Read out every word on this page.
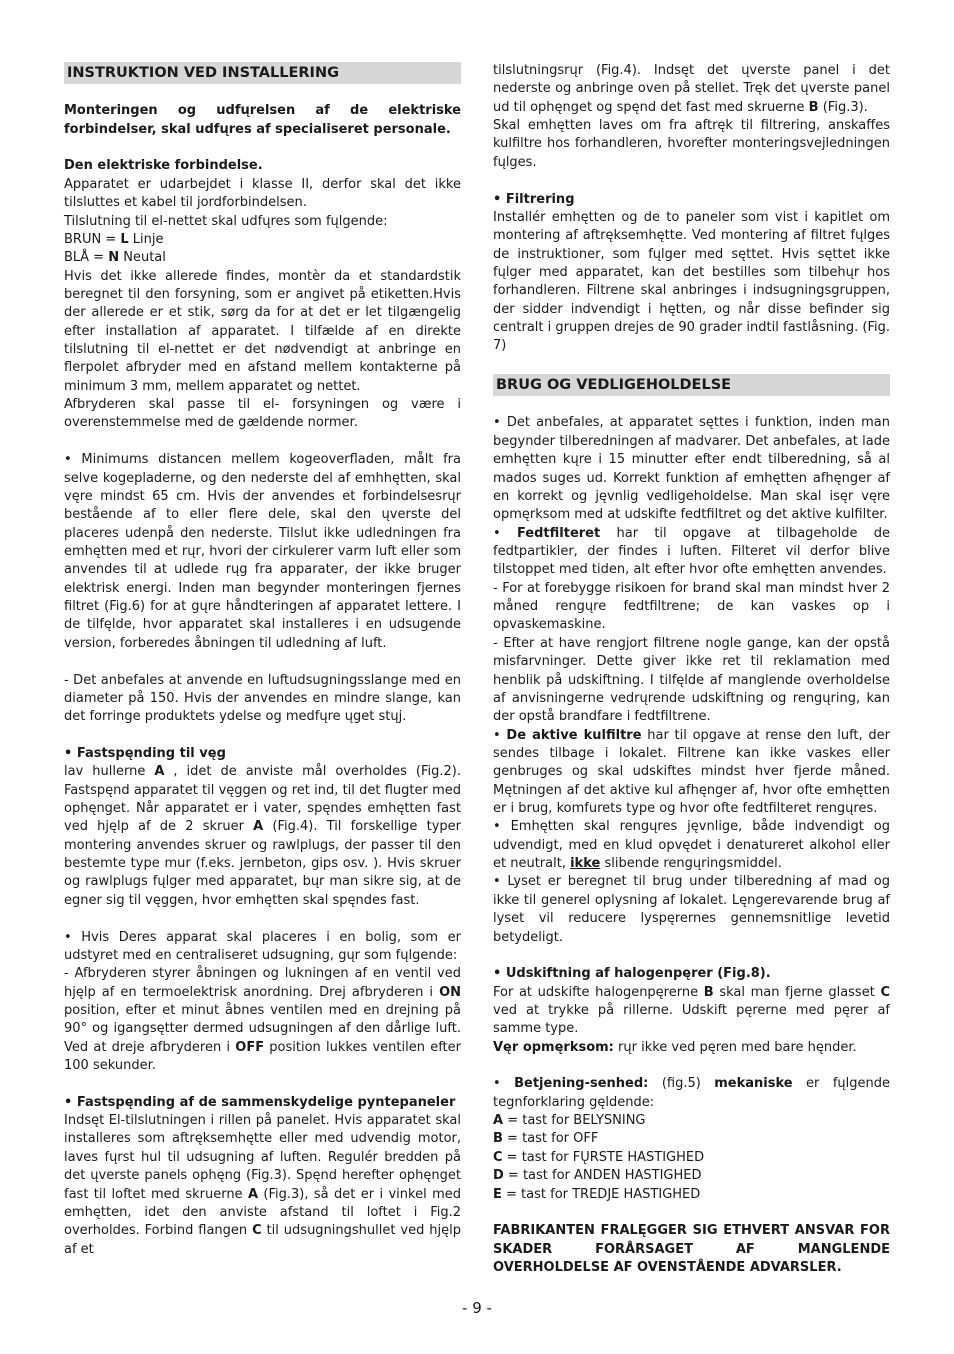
INSTRUKTION VED INSTALLERING

Monteringen og udfųrelsen af de elektriske forbindelser, skal udfųres af specialiseret personale.

Den elektriske forbindelse.

Apparatet er udarbejdet i klasse II, derfor skal det ikke tilsluttes et kabel til jordforbindelsen.

Tilslutning til el-nettet skal udfųres som fųlgende:

BRUN = L Linje

BLÅ = N Neutal

Hvis det ikke allerede findes, montèr da et standardstik beregnet til den forsyning, som er angivet på etiketten.Hvis der allerede er et stik, sørg da for at det er let tilgængelig efter installation af apparatet. I tilfælde af en direkte tilslutning til el-nettet er det nødvendigt at anbringe en flerpolet afbryder med en afstand mellem kontakterne på minimum 3 mm, mellem apparatet og nettet.

Afbryderen skal passe til el- forsyningen og være i overenstemmelse med de gældende normer.

• Minimums distancen mellem kogeoverfladen, målt fra selve kogepladerne, og den nederste del af emhhętten, skal vęre mindst 65 cm. Hvis der anvendes et forbindelsesrųr bestående af to eller flere dele, skal den ųverste del placeres udenpå den nederste. Tilslut ikke udledningen fra emhętten med et rųr, hvori der cirkulerer varm luft eller som anvendes til at udlede rųg fra apparater, der ikke bruger elektrisk energi. Inden man begynder monteringen fjernes filtret (Fig.6) for at gųre håndteringen af apparatet lettere. I de tilfęlde, hvor apparatet skal installeres i en udsugende version, forberedes åbningen til udledning af luft.

- Det anbefales at anvende en luftudsugningsslange med en diameter på 150. Hvis der anvendes en mindre slange, kan det forringe produktets ydelse og medfųre ųget stųj.

• Fastspęnding til vęg

lav hullerne A , idet de anviste mål overholdes (Fig.2). Fastspęnd apparatet til vęggen og ret ind, til det flugter med ophęnget. Når apparatet er i vater, spęndes emhętten fast ved hjęlp af de 2 skruer A (Fig.4). Til forskellige typer montering anvendes skruer og rawlplugs, der passer til den bestemte type mur (f.eks. jernbeton, gips osv. ). Hvis skruer og rawlplugs fųlger med apparatet, bųr man sikre sig, at de egner sig til vęggen, hvor emhętten skal spęndes fast.

• Hvis Deres apparat skal placeres i en bolig, som er udstyret med en centraliseret udsugning, gųr som fųlgende:

- Afbryderen styrer åbningen og lukningen af en ventil ved hjęlp af en termoelektrisk anordning. Drej afbryderen i ON position, efter et minut åbnes ventilen med en drejning på 90° og igangsętter dermed udsugningen af den dårlige luft. Ved at dreje afbryderen i OFF position lukkes ventilen efter 100 sekunder.

• Fastspęnding af de sammenskydelige pyntepaneler

Indsęt El-tilslutningen i rillen på panelet. Hvis apparatet skal installeres som aftręksemhętte eller med udvendig motor, laves fųrst hul til udsugning af luften. Regulér bredden på det ųverste panels ophęng (Fig.3). Spęnd herefter ophęnget fast til loftet med skruerne A (Fig.3), så det er i vinkel med emhętten, idet den anviste afstand til loftet i Fig.2 overholdes. Forbind flangen C til udsugningshullet ved hjęlp af et

tilslutningsrųr (Fig.4). Indsęt det ųverste panel i det nederste og anbringe oven på stellet. Tręk det ųverste panel ud til ophęnget og spęnd det fast med skruerne B (Fig.3).

Skal emhętten laves om fra aftręk til filtrering, anskaffes kulfiltre hos forhandleren, hvorefter monteringsvejledningen fųlges.

• Filtrering

Installér emhętten og de to paneler som vist i kapitlet om montering af aftręksemhętte. Ved montering af filtret fųlges de instruktioner, som fųlger med sęttet. Hvis sęttet ikke fųlger med apparatet, kan det bestilles som tilbehųr hos forhandleren. Filtrene skal anbringes i indsugningsgruppen, der sidder indvendigt i hętten, og når disse befinder sig centralt i gruppen drejes de 90 grader indtil fastlåsning. (Fig. 7)

BRUG OG VEDLIGEHOLDELSE

• Det anbefales, at apparatet sęttes i funktion, inden man begynder tilberedningen af madvarer. Det anbefales, at lade emhętten kųre i 15 minutter efter endt tilberedning, så al mados suges ud. Korrekt funktion af emhętten afhęnger af en korrekt og jęvnlig vedligeholdelse. Man skal isęr vęre opmęrksom med at udskifte fedtfiltret og det aktive kulfilter.

• Fedtfilteret har til opgave at tilbageholde de fedtpartikler, der findes i luften. Filteret vil derfor blive tilstoppet med tiden, alt efter hvor ofte emhętten anvendes.

- For at forebygge risikoen for brand skal man mindst hver 2 måned rengųre fedtfiltrene; de kan vaskes op i opvaskemaskine.

- Efter at have rengjort filtrene nogle gange, kan der opstå misfarvninger. Dette giver ikke ret til reklamation med henblik på udskiftning. I tilfęlde af manglende overholdelse af anvisningerne vedrųrende udskiftning og rengųring, kan der opstå brandfare i fedtfiltrene.

• De aktive kulfiltre har til opgave at rense den luft, der sendes tilbage i lokalet. Filtrene kan ikke vaskes eller genbruges og skal udskiftes mindst hver fjerde måned. Mętningen af det aktive kul afhęnger af, hvor ofte emhętten er i brug, komfurets type og hvor ofte fedtfilteret rengųres.

• Emhętten skal rengųres jęvnlige, både indvendigt og udvendigt, med en klud opvędet i denatureret alkohol eller et neutralt, ikke slibende rengųringsmiddel.

• Lyset er beregnet til brug under tilberedning af mad og ikke til generel oplysning af lokalet. Lęngerevarende brug af lyset vil reducere lyspęrernes gennemsnitlige levetid betydeligt.

• Udskiftning af halogenpęrer (Fig.8).

For at udskifte halogenpęrerne B skal man fjerne glasset C ved at trykke på rillerne. Udskift pęrerne med pęrer af samme type.

Vęr opmęrksom: rųr ikke ved pęren med bare hęnder.

• Betjening-senhed: (fig.5) mekaniske er fųlgende tegnforklaring gęldende:

A = tast for BELYSNING

B = tast for OFF

C = tast for FŲRSTE HASTIGHED

D = tast for ANDEN HASTIGHED

E = tast for TREDJE HASTIGHED

FABRIKANTEN FRALĘGGER SIG ETHVERT ANSVAR FOR SKADER FORÅRSAGET AF MANGLENDE OVERHOLDELSE AF OVENSTÅENDE ADVARSLER.

- 9 -
